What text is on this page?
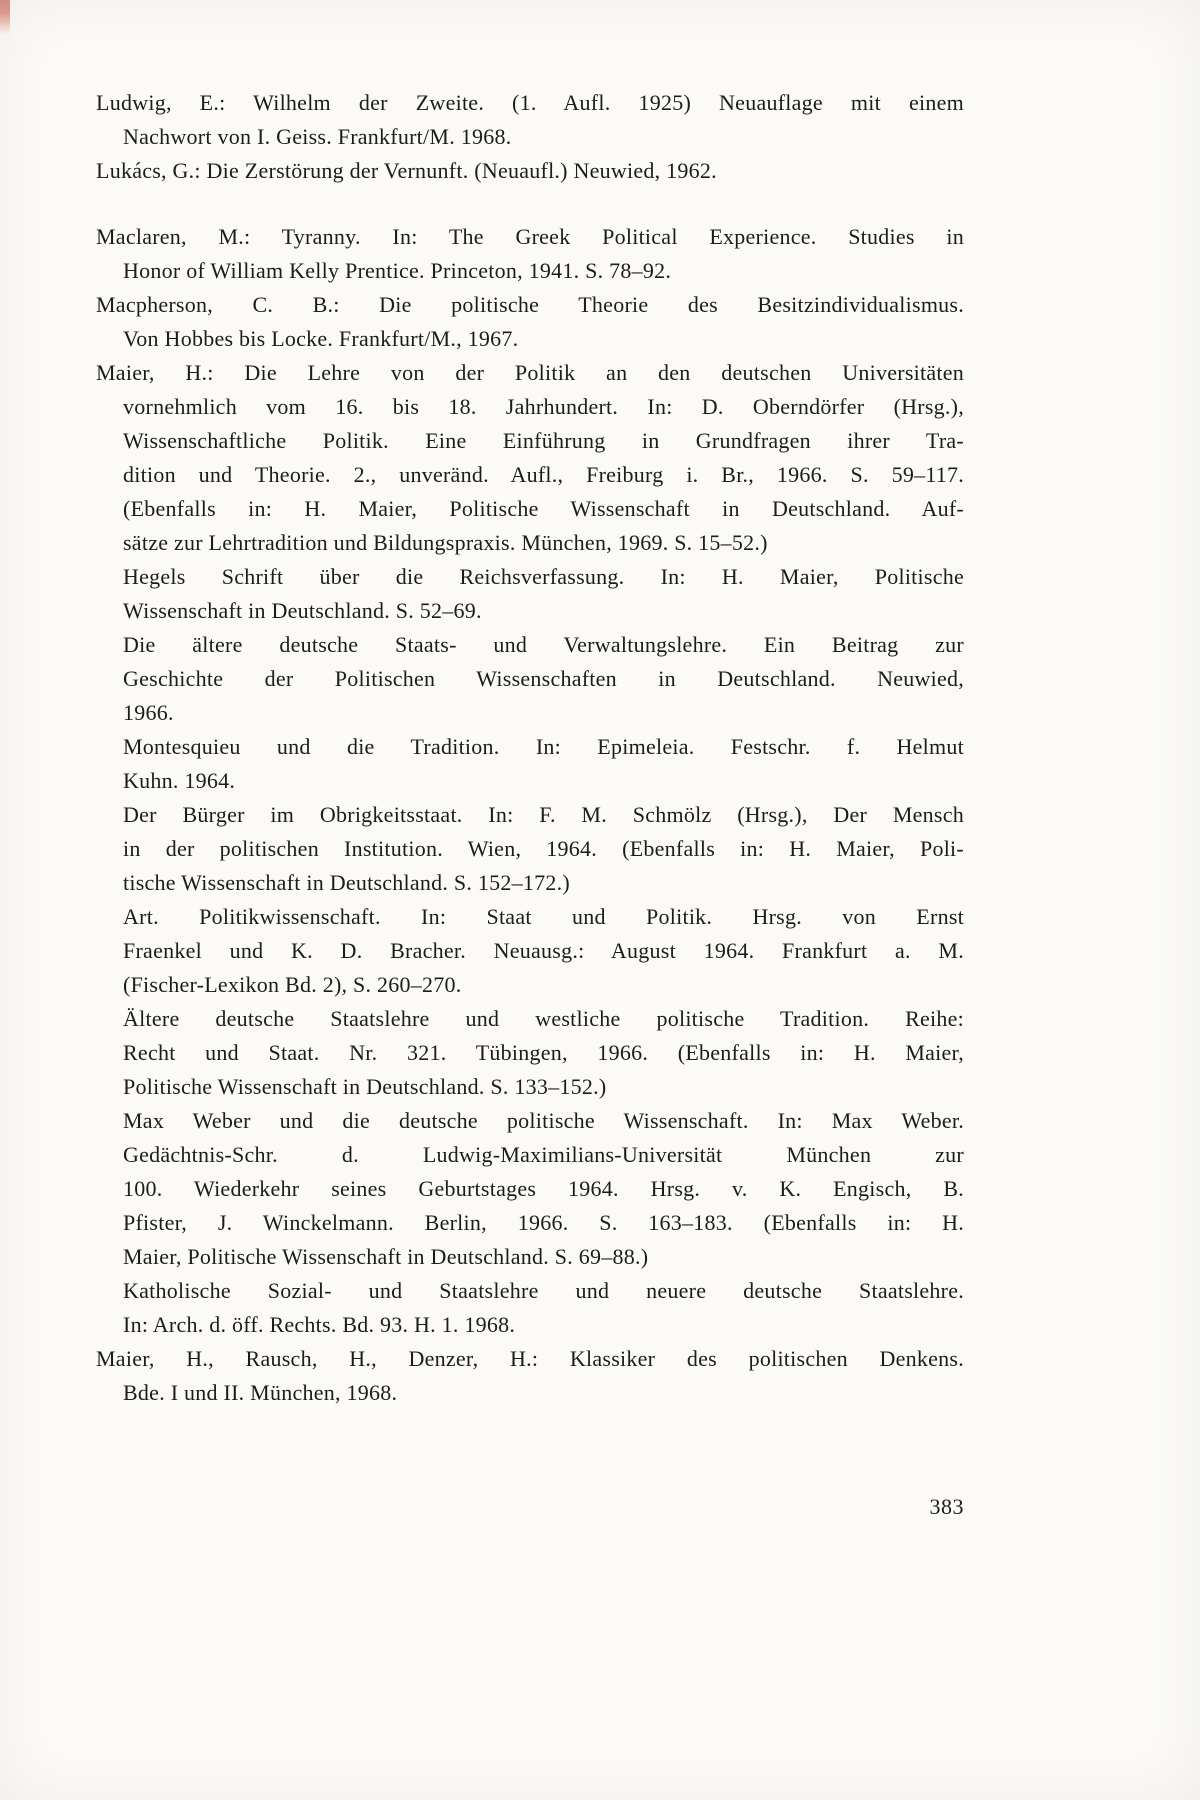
Ludwig, E.: Wilhelm der Zweite. (1. Aufl. 1925) Neuauflage mit einem
Nachwort von I. Geiss. Frankfurt/M. 1968.
Lukács, G.: Die Zerstörung der Vernunft. (Neuaufl.) Neuwied, 1962.
Maclaren, M.: Tyranny. In: The Greek Political Experience. Studies in
Honor of William Kelly Prentice. Princeton, 1941. S. 78–92.
Macpherson, C. B.: Die politische Theorie des Besitzindividualismus.
Von Hobbes bis Locke. Frankfurt/M., 1967.
Maier, H.: Die Lehre von der Politik an den deutschen Universitäten
vornehmlich vom 16. bis 18. Jahrhundert. In: D. Oberndörfer (Hrsg.),
Wissenschaftliche Politik. Eine Einführung in Grundfragen ihrer Tra-
dition und Theorie. 2., unveränd. Aufl., Freiburg i. Br., 1966. S. 59–117.
(Ebenfalls in: H. Maier, Politische Wissenschaft in Deutschland. Auf-
sätze zur Lehrtradition und Bildungspraxis. München, 1969. S. 15–52.)
Hegels Schrift über die Reichsverfassung. In: H. Maier, Politische
Wissenschaft in Deutschland. S. 52–69.
Die ältere deutsche Staats- und Verwaltungslehre. Ein Beitrag zur
Geschichte der Politischen Wissenschaften in Deutschland. Neuwied,
1966.
Montesquieu und die Tradition. In: Epimeleia. Festschr. f. Helmut
Kuhn. 1964.
Der Bürger im Obrigkeitsstaat. In: F. M. Schmölz (Hrsg.), Der Mensch
in der politischen Institution. Wien, 1964. (Ebenfalls in: H. Maier, Poli-
tische Wissenschaft in Deutschland. S. 152–172.)
Art. Politikwissenschaft. In: Staat und Politik. Hrsg. von Ernst
Fraenkel und K. D. Bracher. Neuausg.: August 1964. Frankfurt a. M.
(Fischer-Lexikon Bd. 2), S. 260–270.
Ältere deutsche Staatslehre und westliche politische Tradition. Reihe:
Recht und Staat. Nr. 321. Tübingen, 1966. (Ebenfalls in: H. Maier,
Politische Wissenschaft in Deutschland. S. 133–152.)
Max Weber und die deutsche politische Wissenschaft. In: Max Weber.
Gedächtnis-Schr. d. Ludwig-Maximilians-Universität München zur
100. Wiederkehr seines Geburtstages 1964. Hrsg. v. K. Engisch, B.
Pfister, J. Winckelmann. Berlin, 1966. S. 163–183. (Ebenfalls in: H.
Maier, Politische Wissenschaft in Deutschland. S. 69–88.)
Katholische Sozial- und Staatslehre und neuere deutsche Staatslehre.
In: Arch. d. öff. Rechts. Bd. 93. H. 1. 1968.
Maier, H., Rausch, H., Denzer, H.: Klassiker des politischen Denkens.
Bde. I und II. München, 1968.
383
